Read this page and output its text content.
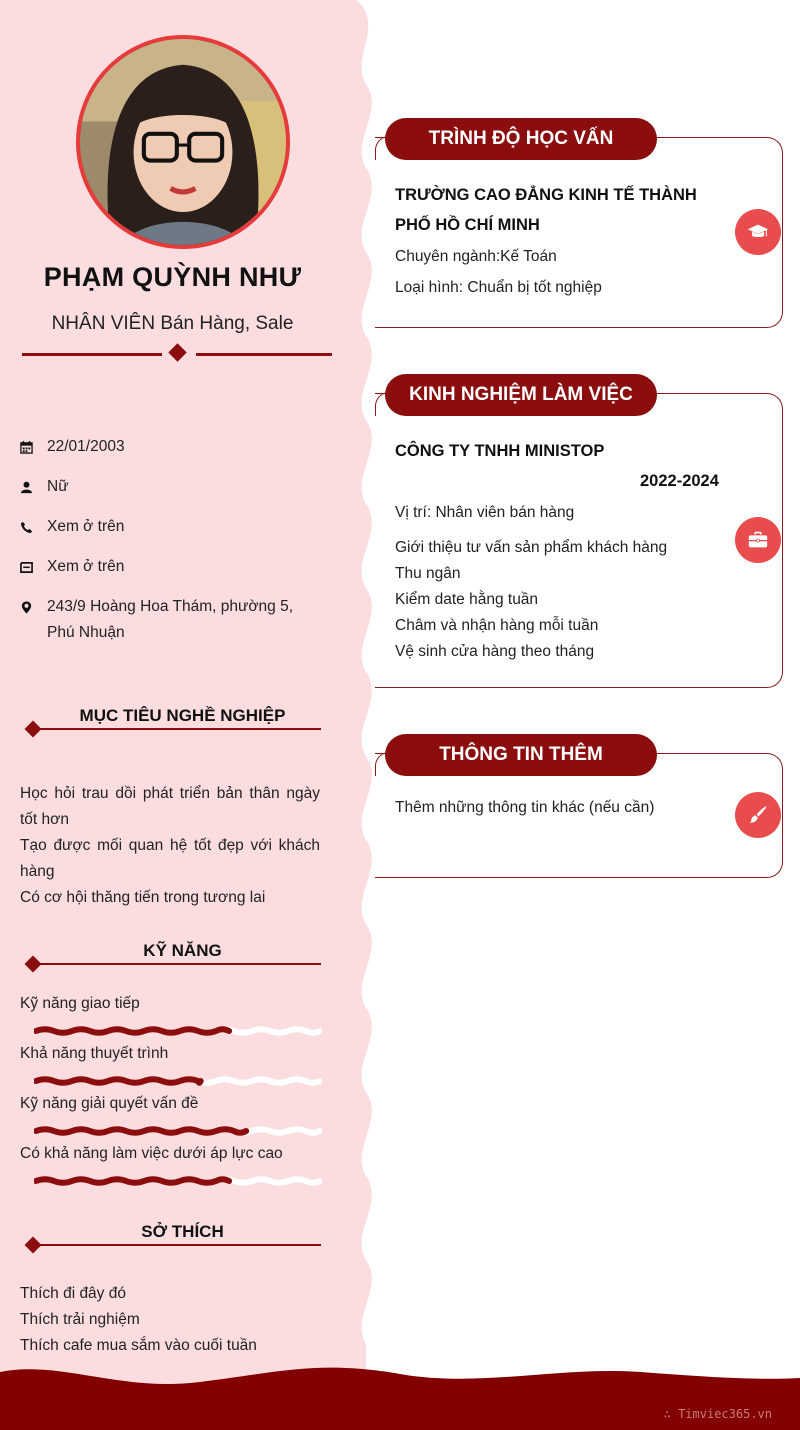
PHẠM QUỲNH NHƯ
NHÂN VIÊN Bán Hàng, Sale
22/01/2003
Nữ
Xem ở trên
Xem ở trên
243/9 Hoàng Hoa Thám, phường 5, Phú Nhuận
MỤC TIÊU NGHỀ NGHIỆP
Học hỏi trau dồi phát triển bản thân ngày tốt hơn
Tạo được mối quan hệ tốt đẹp với khách hàng
Có cơ hội thăng tiến trong tương lai
KỸ NĂNG
Kỹ năng giao tiếp
Khả năng thuyết trình
Kỹ năng giải quyết vấn đề
Có khả năng làm việc dưới áp lực cao
SỞ THÍCH
Thích đi đây đó
Thích trải nghiệm
Thích cafe mua sắm vào cuối tuần
TRÌNH ĐỘ HỌC VẤN
TRƯỜNG CAO ĐẲNG KINH TẾ THÀNH PHỐ HỒ CHÍ MINH
Chuyên ngành:Kế Toán
Loại hình: Chuẩn bị tốt nghiệp
KINH NGHIỆM LÀM VIỆC
CÔNG TY TNHH MINISTOP
2022-2024
Vị trí: Nhân viên bán hàng
Giới thiệu tư vấn sản phẩm khách hàng
Thu ngân
Kiểm date hằng tuần
Châm và nhận hàng mỗi tuần
Vệ sinh cửa hàng theo tháng
THÔNG TIN THÊM
Thêm những thông tin khác (nếu cần)
∴ Timviec365.vn
